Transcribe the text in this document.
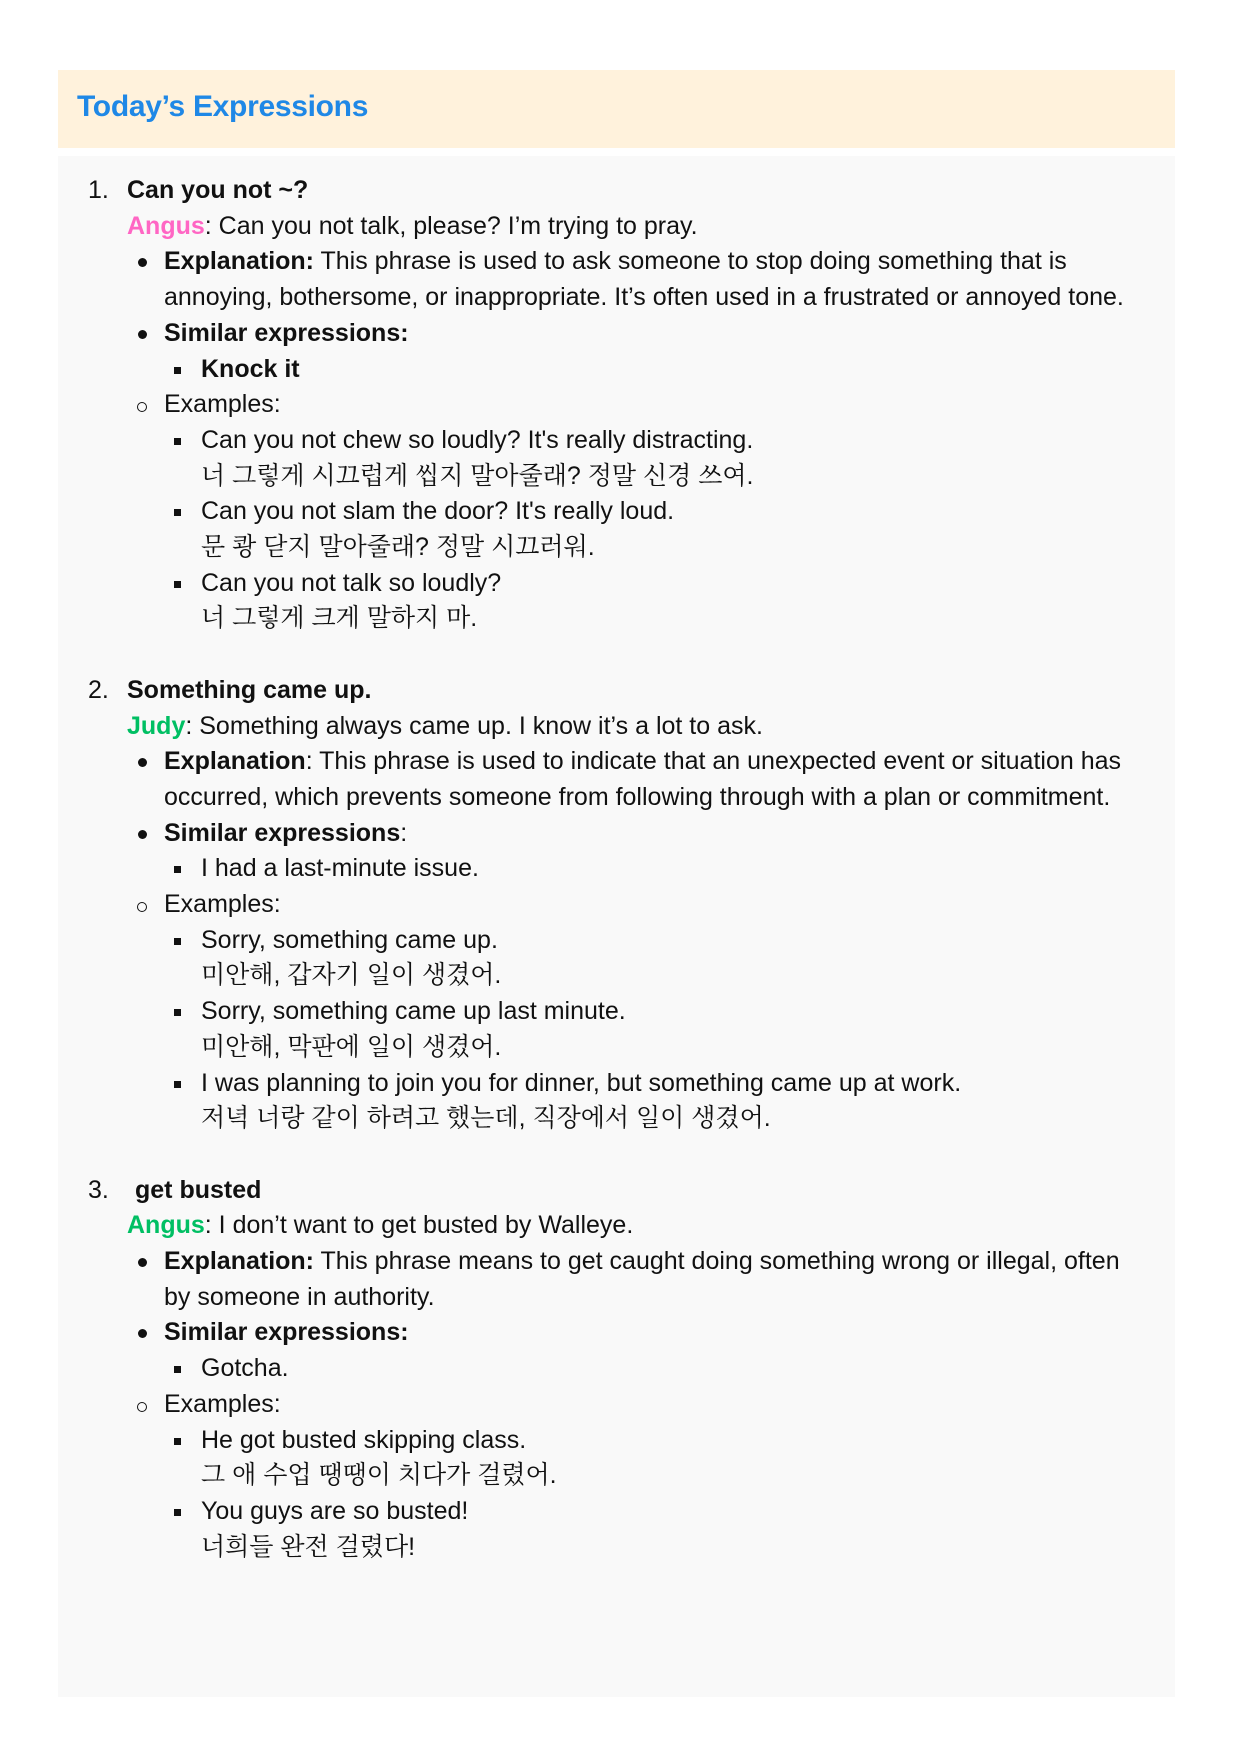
Today’s Expressions
1. Can you not ~?
Angus: Can you not talk, please? I’m trying to pray.
Explanation: This phrase is used to ask someone to stop doing something that is annoying, bothersome, or inappropriate. It’s often used in a frustrated or annoyed tone.
Similar expressions:
Knock it
Examples:
Can you not chew so loudly? It's really distracting.
너 그렇게 시끄럽게 씹지 말아줄래? 정말 신경 쓰여.
Can you not slam the door? It's really loud.
문 쾅 닫지 말아줄래? 정말 시끄러워.
Can you not talk so loudly?
너 그렇게 크게 말하지 마.
2. Something came up.
Judy: Something always came up. I know it’s a lot to ask.
Explanation: This phrase is used to indicate that an unexpected event or situation has occurred, which prevents someone from following through with a plan or commitment.
Similar expressions:
I had a last-minute issue.
Examples:
Sorry, something came up.
미안해, 갑자기 일이 생겼어.
Sorry, something came up last minute.
미안해, 막판에 일이 생겼어.
I was planning to join you for dinner, but something came up at work.
저녁 너랑 같이 하려고 했는데, 직장에서 일이 생겼어.
3.	get busted
Angus: I don’t want to get busted by Walleye.
Explanation: This phrase means to get caught doing something wrong or illegal, often by someone in authority.
Similar expressions:
Gotcha.
Examples:
He got busted skipping class.
그 애 수업 땡땡이 치다가 걸렸어.
You guys are so busted!
너희들 완전 걸렸다!
